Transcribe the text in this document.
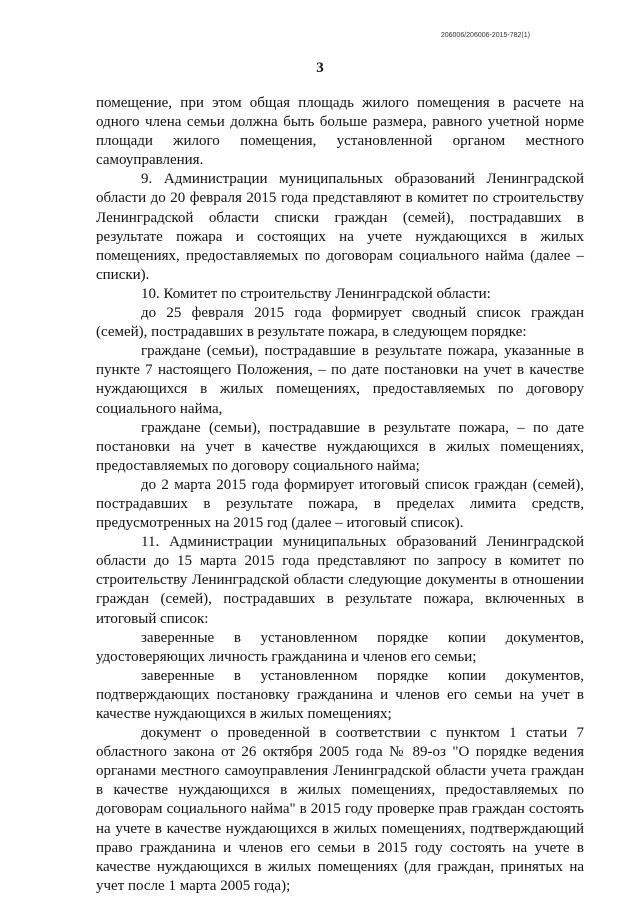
206006/206006-2015-782(1)
3

помещение, при этом общая площадь жилого помещения в расчете на одного члена семьи должна быть больше размера, равного учетной норме площади жилого помещения, установленной органом местного самоуправления.

9. Администрации муниципальных образований Ленинградской области до 20 февраля 2015 года представляют в комитет по строительству Ленинградской области списки граждан (семей), пострадавших в результате пожара и состоящих на учете нуждающихся в жилых помещениях, предоставляемых по договорам социального найма (далее – списки).

10. Комитет по строительству Ленинградской области:

до 25 февраля 2015 года формирует сводный список граждан (семей), пострадавших в результате пожара, в следующем порядке:

граждане (семьи), пострадавшие в результате пожара, указанные в пункте 7 настоящего Положения, – по дате постановки на учет в качестве нуждающихся в жилых помещениях, предоставляемых по договору социального найма,

граждане (семьи), пострадавшие в результате пожара, – по дате постановки на учет в качестве нуждающихся в жилых помещениях, предоставляемых по договору социального найма;

до 2 марта 2015 года формирует итоговый список граждан (семей), пострадавших в результате пожара, в пределах лимита средств, предусмотренных на 2015 год (далее – итоговый список).

11. Администрации муниципальных образований Ленинградской области до 15 марта 2015 года представляют по запросу в комитет по строительству Ленинградской области следующие документы в отношении граждан (семей), пострадавших в результате пожара, включенных в итоговый список:

заверенные в установленном порядке копии документов, удостоверяющих личность гражданина и членов его семьи;

заверенные в установленном порядке копии документов, подтверждающих постановку гражданина и членов его семьи на учет в качестве нуждающихся в жилых помещениях;

документ о проведенной в соответствии с пунктом 1 статьи 7 областного закона от 26 октября 2005 года № 89-оз "О порядке ведения органами местного самоуправления Ленинградской области учета граждан в качестве нуждающихся в жилых помещениях, предоставляемых по договорам социального найма" в 2015 году проверке прав граждан состоять на учете в качестве нуждающихся в жилых помещениях, подтверждающий право гражданина и членов его семьи в 2015 году состоять на учете в качестве нуждающихся в жилых помещениях (для граждан, принятых на учет после 1 марта 2005 года);
